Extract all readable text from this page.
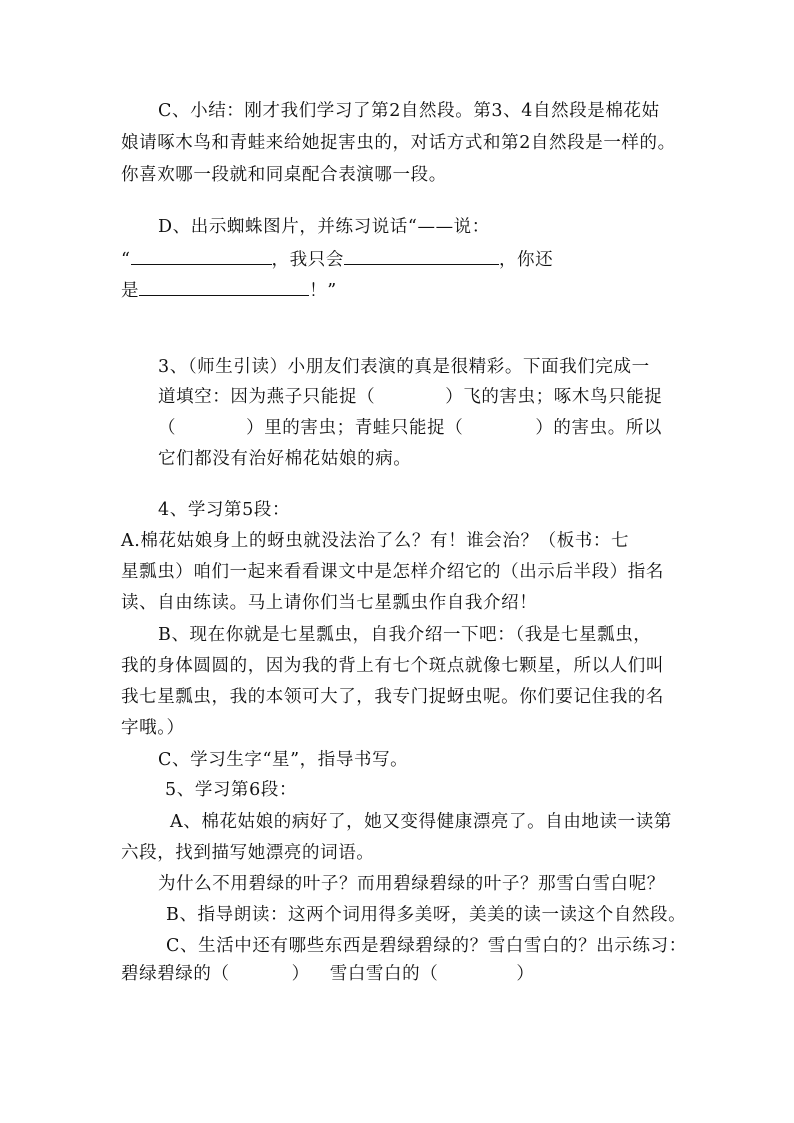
C、小结：刚才我们学习了第2自然段。第3、4自然段是棉花姑
娘请啄木鸟和青蛙来给她捉害虫的，对话方式和第2自然段是一样的。
你喜欢哪一段就和同桌配合表演哪一段。
D、出示蜘蛛图片，并练习说话“——说：
“	，我只会	，你还
是	！”
3、（师生引读）小朋友们表演的真是很精彩。下面我们完成一
道填空：因为燕子只能捉（	）飞的害虫；啄木鸟只能捉
（	）里的害虫；青蛙只能捉（	）的害虫。所以
它们都没有治好棉花姑娘的病。
4、学习第5段：
A.棉花姑娘身上的蚜虫就没法治了么？有！谁会治？（板书：七
星瓢虫）咱们一起来看看课文中是怎样介绍它的（出示后半段）指名
读、自由练读。马上请你们当七星瓢虫作自我介绍！
B、现在你就是七星瓢虫，自我介绍一下吧：（我是七星瓢虫，
我的身体圆圆的，因为我的背上有七个斑点就像七颗星，所以人们叫
我七星瓢虫，我的本领可大了，我专门捉蚜虫呢。你们要记住我的名
字哦。）
C、学习生字“星”，指导书写。
5、学习第6段：
A、棉花姑娘的病好了，她又变得健康漂亮了。自由地读一读第
六段，找到描写她漂亮的词语。
为什么不用碧绿的叶子？而用碧绿碧绿的叶子？那雪白雪白呢？
B、指导朗读：这两个词用得多美呀，美美的读一读这个自然段。
C、生活中还有哪些东西是碧绿碧绿的？雪白雪白的？出示练习：
碧绿碧绿的（	） 雪白雪白的（	）
